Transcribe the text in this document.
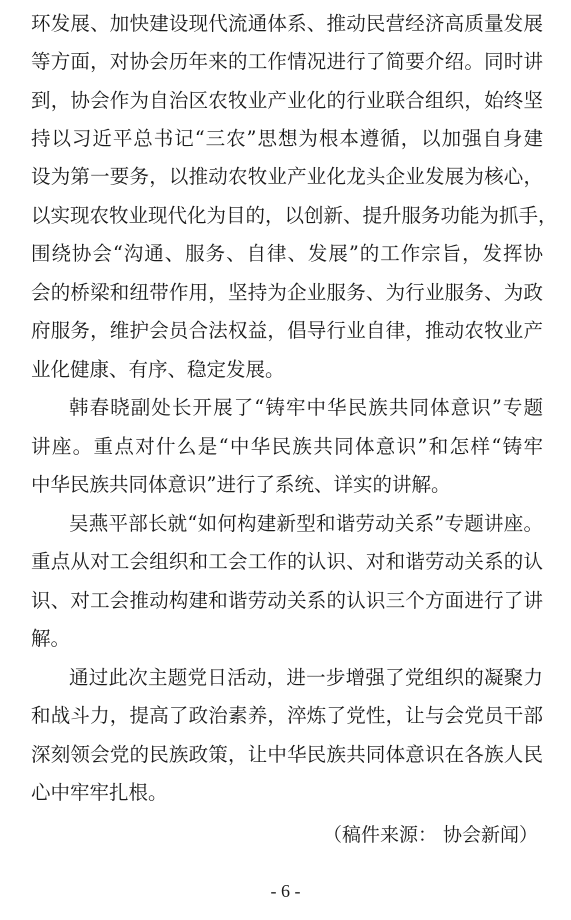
环发展、加快建设现代流通体系、推动民营经济高质量发展
等方面，对协会历年来的工作情况进行了简要介绍。同时讲
到，协会作为自治区农牧业产业化的行业联合组织，始终坚
持以习近平总书记“三农”思想为根本遵循，以加强自身建
设为第一要务，以推动农牧业产业化龙头企业发展为核心，
以实现农牧业现代化为目的，以创新、提升服务功能为抓手，
围绕协会“沟通、服务、自律、发展”的工作宗旨，发挥协
会的桥梁和纽带作用，坚持为企业服务、为行业服务、为政
府服务，维护会员合法权益，倡导行业自律，推动农牧业产
业化健康、有序、稳定发展。
韩春晓副处长开展了“铸牢中华民族共同体意识”专题
讲座。重点对什么是“中华民族共同体意识”和怎样“铸牢
中华民族共同体意识”进行了系统、详实的讲解。
吴燕平部长就“如何构建新型和谐劳动关系”专题讲座。
重点从对工会组织和工会工作的认识、对和谐劳动关系的认
识、对工会推动构建和谐劳动关系的认识三个方面进行了讲
解。
通过此次主题党日活动，进一步增强了党组织的凝聚力
和战斗力，提高了政治素养，淬炼了党性，让与会党员干部
深刻领会党的民族政策，让中华民族共同体意识在各族人民
心中牢牢扎根。
（稿件来源： 协会新闻）
- 6 -
